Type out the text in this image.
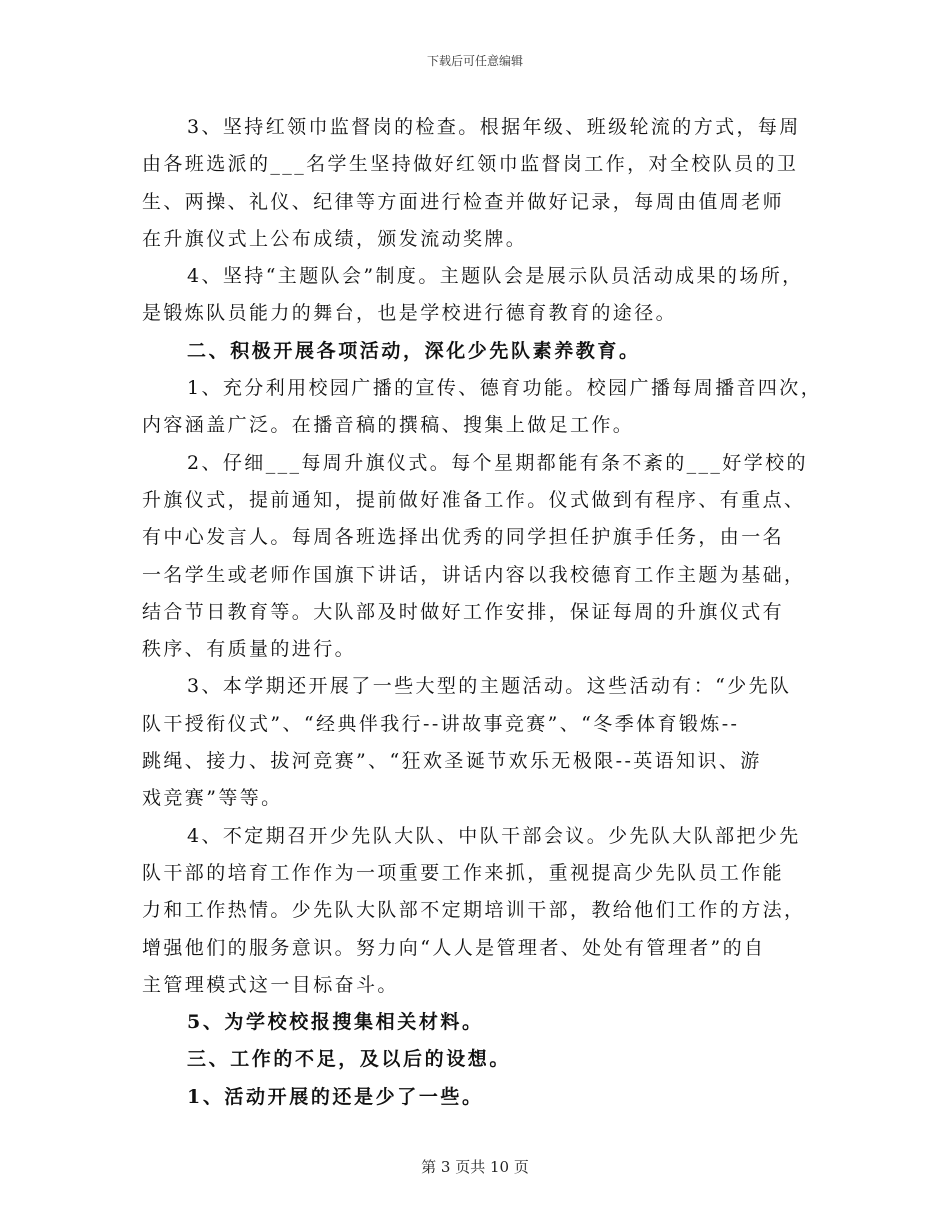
下载后可任意编辑
3、坚持红领巾监督岗的检查。根据年级、班级轮流的方式，每周
由各班选派的___名学生坚持做好红领巾监督岗工作，对全校队员的卫
生、两操、礼仪、纪律等方面进行检查并做好记录，每周由值周老师
在升旗仪式上公布成绩，颁发流动奖牌。
4、坚持“主题队会”制度。主题队会是展示队员活动成果的场所，
是锻炼队员能力的舞台，也是学校进行德育教育的途径。
二、积极开展各项活动，深化少先队素养教育。
1、充分利用校园广播的宣传、德育功能。校园广播每周播音四次，
内容涵盖广泛。在播音稿的撰稿、搜集上做足工作。
2、仔细___每周升旗仪式。每个星期都能有条不紊的___好学校的
升旗仪式，提前通知，提前做好准备工作。仪式做到有程序、有重点、
有中心发言人。每周各班选择出优秀的同学担任护旗手任务，由一名
一名学生或老师作国旗下讲话，讲话内容以我校德育工作主题为基础，
结合节日教育等。大队部及时做好工作安排，保证每周的升旗仪式有
秩序、有质量的进行。
3、本学期还开展了一些大型的主题活动。这些活动有：“少先队
队干授衔仪式”、“经典伴我行--讲故事竞赛”、“冬季体育锻炼--
跳绳、接力、拔河竞赛”、“狂欢圣诞节欢乐无极限--英语知识、游
戏竞赛”等等。
4、不定期召开少先队大队、中队干部会议。少先队大队部把少先
队干部的培育工作作为一项重要工作来抓，重视提高少先队员工作能
力和工作热情。少先队大队部不定期培训干部，教给他们工作的方法，
增强他们的服务意识。努力向“人人是管理者、处处有管理者”的自
主管理模式这一目标奋斗。
5、为学校校报搜集相关材料。
三、工作的不足，及以后的设想。
1、活动开展的还是少了一些。
第 3 页共 10 页
